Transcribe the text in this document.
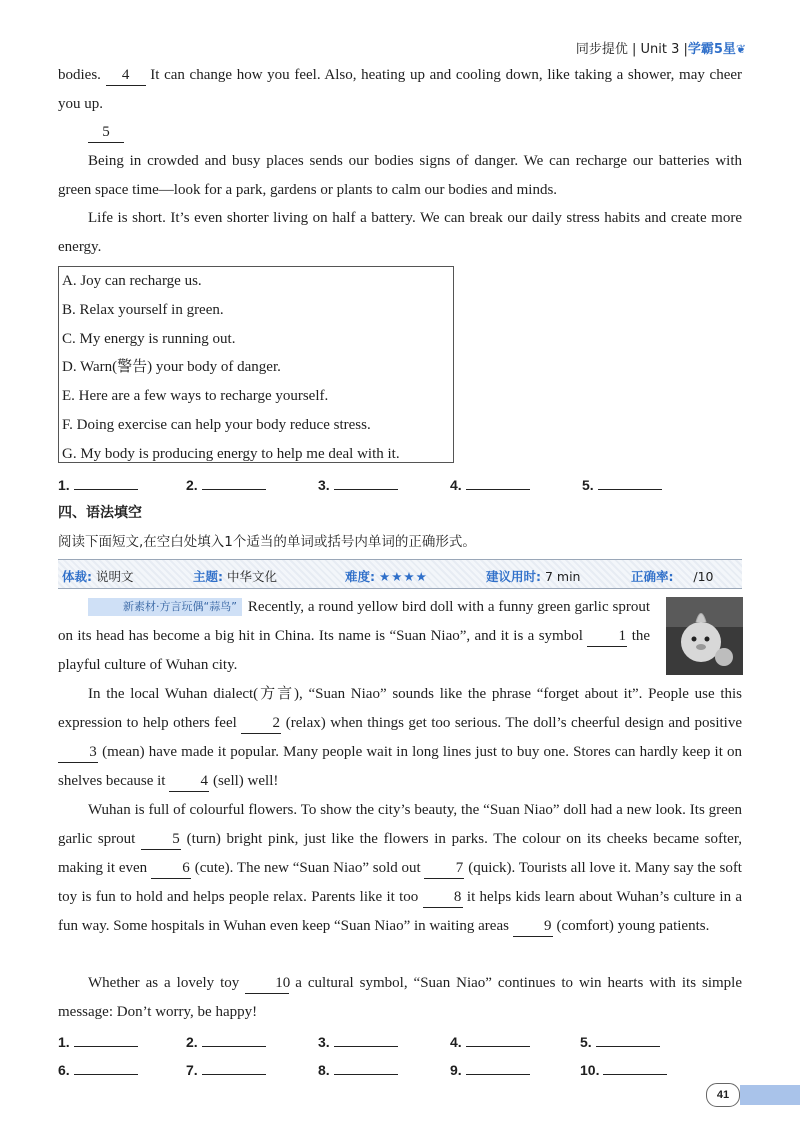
同步提优 | Unit 3 |学霸5星❦
bodies. 4 It can change how you feel. Also, heating up and cooling down, like taking a shower, may cheer you up.
5
Being in crowded and busy places sends our bodies signs of danger. We can recharge our batteries with green space time—look for a park, gardens or plants to calm our bodies and minds.
Life is short. It’s even shorter living on half a battery. We can break our daily stress habits and create more energy.
A. Joy can recharge us.
B. Relax yourself in green.
C. My energy is running out.
D. Warn(警告) your body of danger.
E. Here are a few ways to recharge yourself.
F. Doing exercise can help your body reduce stress.
G. My body is producing energy to help me deal with it.
1.	2.	3.	4.	5.
四、语法填空
阅读下面短文,在空白处填入1个适当的单词或括号内单词的正确形式。
体裁: 说明文	主题: 中华文化	难度: ★★★★	建议用时: 7 min	正确率: /10
新素材·方言玩偶“蒜鸟” Recently, a round yellow bird doll with a funny green garlic sprout on its head has become a big hit in China. Its name is “Suan Niao”, and it is a symbol 1 the playful culture of Wuhan city.
In the local Wuhan dialect(方言), “Suan Niao” sounds like the phrase “forget about it”. People use this expression to help others feel 2 (relax) when things get too serious. The doll’s cheerful design and positive 3 (mean) have made it popular. Many people wait in long lines just to buy one. Stores can hardly keep it on shelves because it 4 (sell) well!
Wuhan is full of colourful flowers. To show the city’s beauty, the “Suan Niao” doll had a new look. Its green garlic sprout 5 (turn) bright pink, just like the flowers in parks. The colour on its cheeks became softer, making it even 6 (cute). The new “Suan Niao” sold out 7 (quick). Tourists all love it. Many say the soft toy is fun to hold and helps people relax. Parents like it too 8 it helps kids learn about Wuhan’s culture in a fun way. Some hospitals in Wuhan even keep “Suan Niao” in waiting areas 9 (comfort) young patients.
Whether as a lovely toy 10 a cultural symbol, “Suan Niao” continues to win hearts with its simple message: Don’t worry, be happy!
1.	2.	3.	4.	5.
6.	7.	8.	9.	10.
41
